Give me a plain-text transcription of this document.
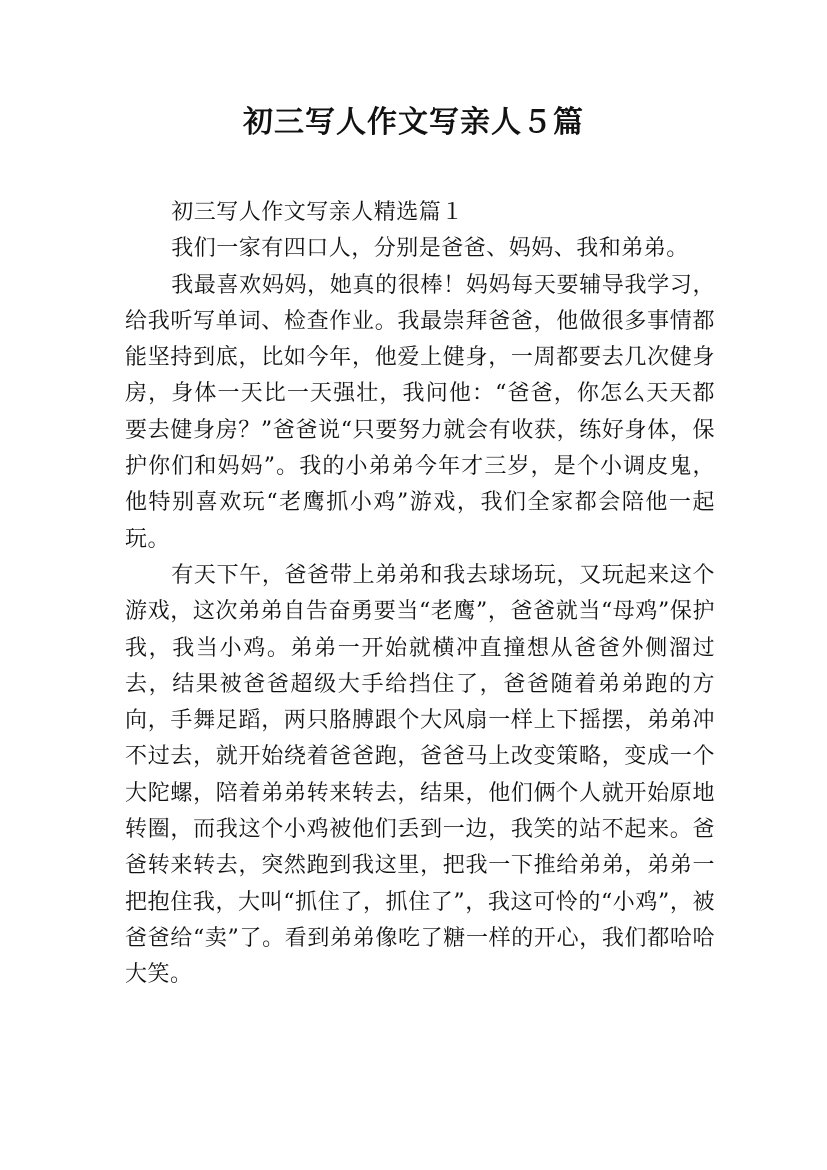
初三写人作文写亲人５篇

初三写人作文写亲人精选篇１

我们一家有四口人，分别是爸爸、妈妈、我和弟弟。

我最喜欢妈妈，她真的很棒！妈妈每天要辅导我学习，给我听写单词、检查作业。我最崇拜爸爸，他做很多事情都能坚持到底，比如今年，他爱上健身，一周都要去几次健身房，身体一天比一天强壮，我问他：“爸爸，你怎么天天都要去健身房？”爸爸说“只要努力就会有收获，练好身体，保护你们和妈妈”。我的小弟弟今年才三岁，是个小调皮鬼，他特别喜欢玩“老鹰抓小鸡”游戏，我们全家都会陪他一起玩。

有天下午，爸爸带上弟弟和我去球场玩，又玩起来这个游戏，这次弟弟自告奋勇要当“老鹰”，爸爸就当“母鸡”保护我，我当小鸡。弟弟一开始就横冲直撞想从爸爸外侧溜过去，结果被爸爸超级大手给挡住了，爸爸随着弟弟跑的方向，手舞足蹈，两只胳膊跟个大风扇一样上下摇摆，弟弟冲不过去，就开始绕着爸爸跑，爸爸马上改变策略，变成一个大陀螺，陪着弟弟转来转去，结果，他们俩个人就开始原地转圈，而我这个小鸡被他们丢到一边，我笑的站不起来。爸爸转来转去，突然跑到我这里，把我一下推给弟弟，弟弟一把抱住我，大叫“抓住了，抓住了”，我这可怜的“小鸡”，被爸爸给“卖”了。看到弟弟像吃了糖一样的开心，我们都哈哈大笑。
